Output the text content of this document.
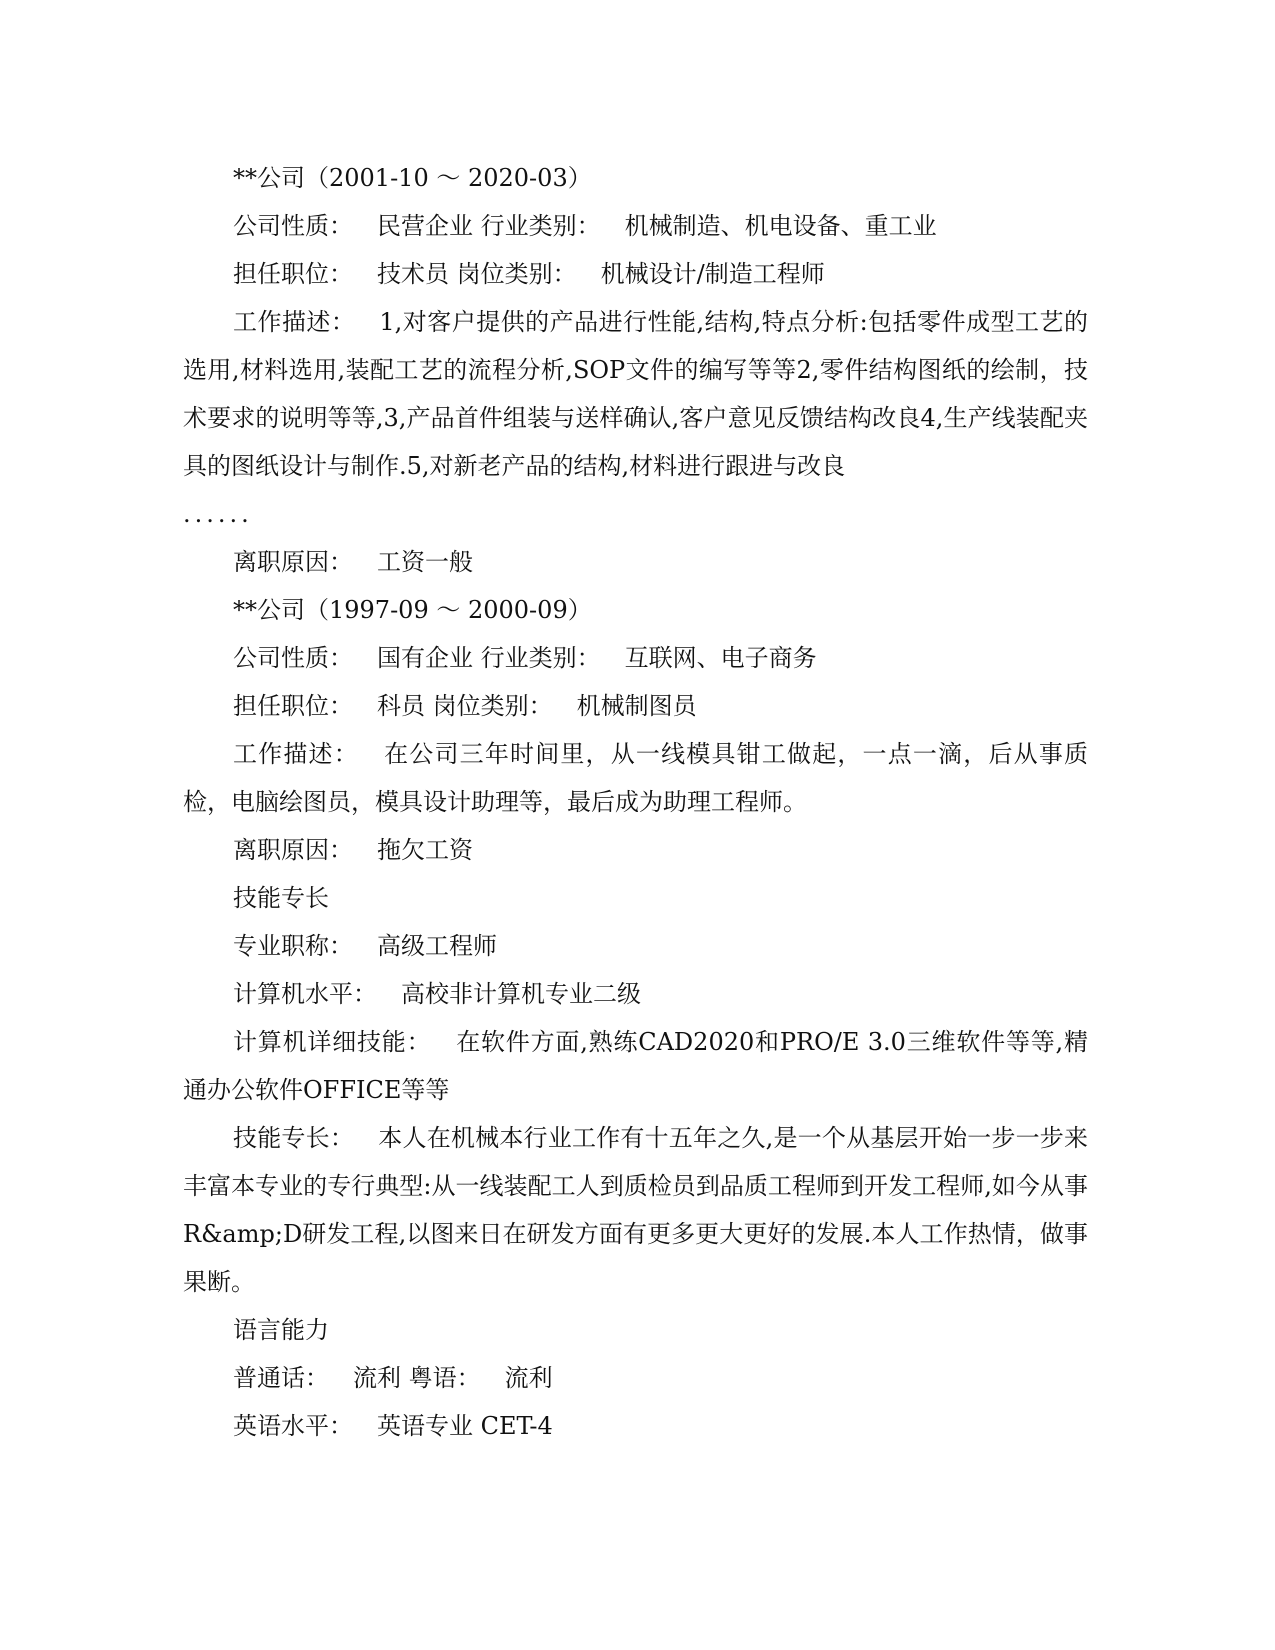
**公司（2001-10 ～ 2020-03）

公司性质： 民营企业 行业类别： 机械制造、机电设备、重工业

担任职位： 技术员 岗位类别： 机械设计/制造工程师

工作描述： 1,对客户提供的产品进行性能,结构,特点分析:包括零件成型工艺的选用,材料选用,装配工艺的流程分析,SOP文件的编写等等2,零件结构图纸的绘制，技术要求的说明等等,3,产品首件组装与送样确认,客户意见反馈结构改良4,生产线装配夹具的图纸设计与制作.5,对新老产品的结构,材料进行跟进与改良

......

离职原因： 工资一般

**公司（1997-09 ～ 2000-09）

公司性质： 国有企业 行业类别： 互联网、电子商务

担任职位： 科员 岗位类别： 机械制图员

工作描述： 在公司三年时间里，从一线模具钳工做起，一点一滴，后从事质检，电脑绘图员，模具设计助理等，最后成为助理工程师。

离职原因： 拖欠工资

技能专长

专业职称： 高级工程师

计算机水平： 高校非计算机专业二级

计算机详细技能： 在软件方面,熟练CAD2020和PRO/E 3.0三维软件等等,精通办公软件OFFICE等等

技能专长： 本人在机械本行业工作有十五年之久,是一个从基层开始一步一步来丰富本专业的专行典型:从一线装配工人到质检员到品质工程师到开发工程师,如今从事R&amp;D研发工程,以图来日在研发方面有更多更大更好的发展.本人工作热情，做事果断。

语言能力

普通话： 流利 粤语： 流利

英语水平： 英语专业 CET-4
